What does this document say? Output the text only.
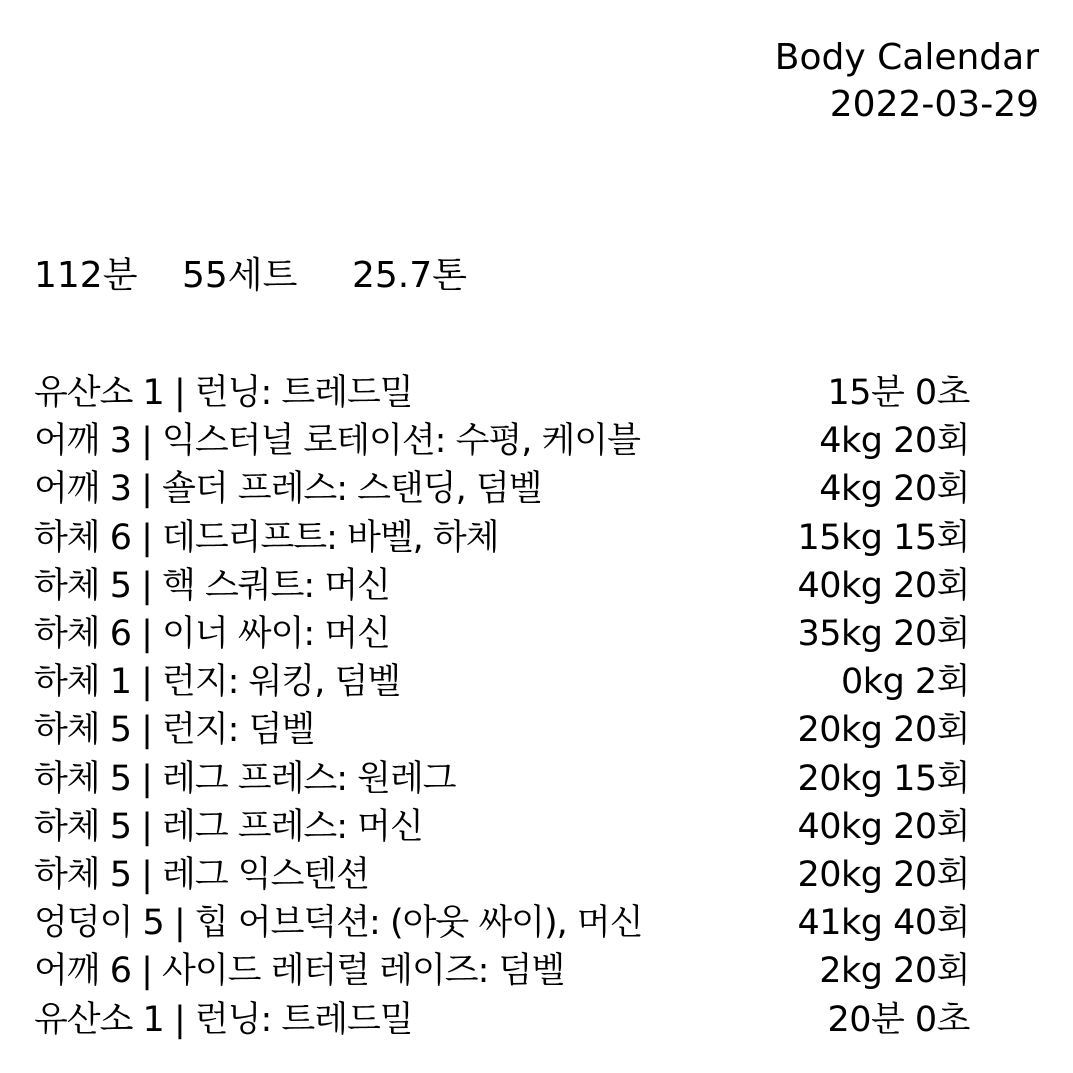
Body Calendar
2022-03-29
112분 55세트 25.7톤
유산소 1 | 런닝: 트레드밀	15분 0초
어깨 3 | 익스터널 로테이션: 수평, 케이블	4kg 20회
어깨 3 | 숄더 프레스: 스탠딩, 덤벨	4kg 20회
하체 6 | 데드리프트: 바벨, 하체	15kg 15회
하체 5 | 핵 스쿼트: 머신	40kg 20회
하체 6 | 이너 싸이: 머신	35kg 20회
하체 1 | 런지: 워킹, 덤벨	0kg 2회
하체 5 | 런지: 덤벨	20kg 20회
하체 5 | 레그 프레스: 원레그	20kg 15회
하체 5 | 레그 프레스: 머신	40kg 20회
하체 5 | 레그 익스텐션	20kg 20회
엉덩이 5 | 힙 어브덕션: (아웃 싸이), 머신	41kg 40회
어깨 6 | 사이드 레터럴 레이즈: 덤벨	2kg 20회
유산소 1 | 런닝: 트레드밀	20분 0초
